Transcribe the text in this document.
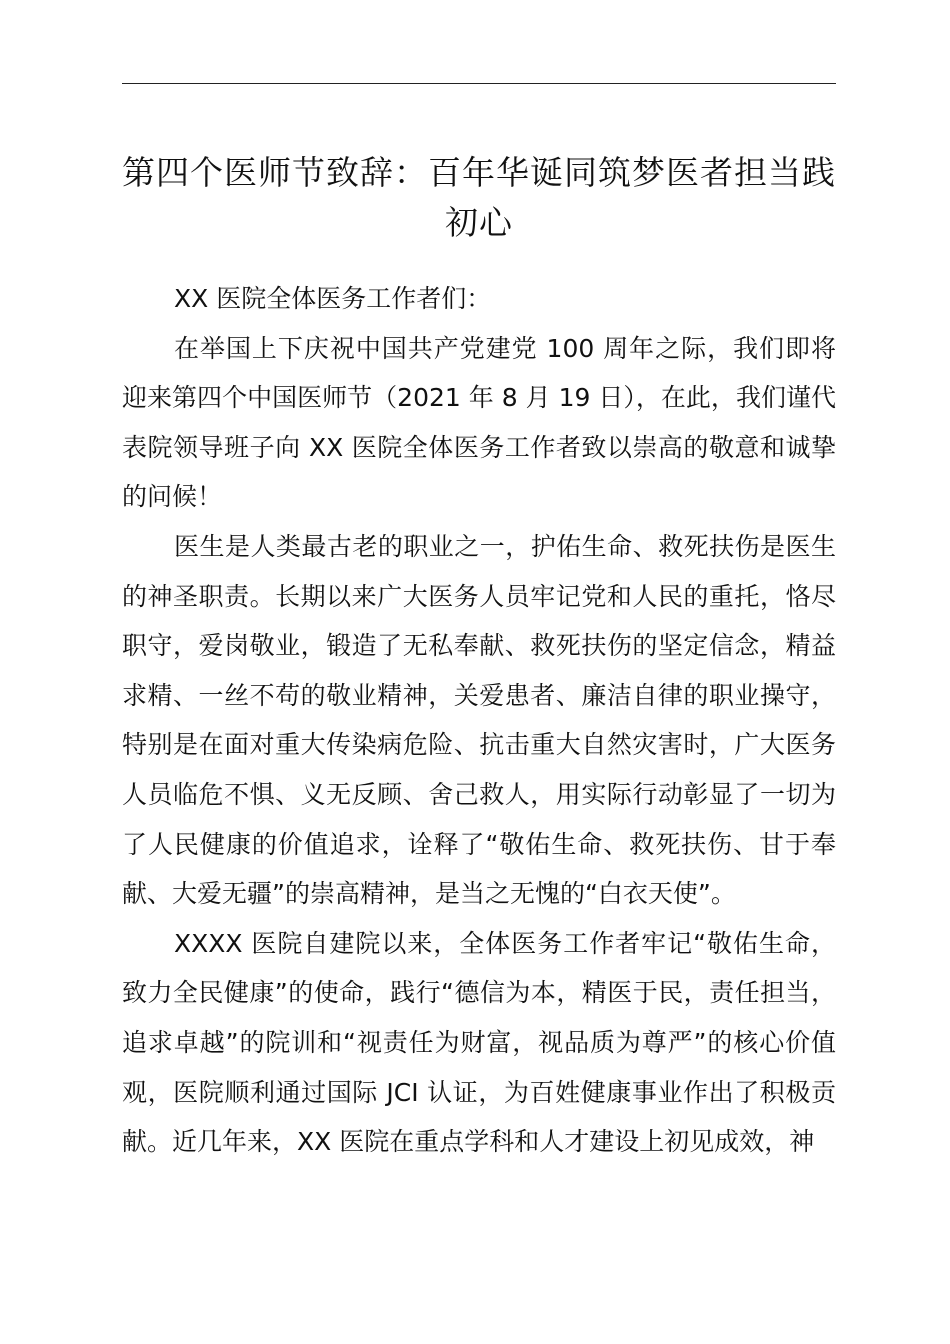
第四个医师节致辞：百年华诞同筑梦医者担当践初心

XX 医院全体医务工作者们：

在举国上下庆祝中国共产党建党 100 周年之际，我们即将迎来第四个中国医师节（2021 年 8 月 19 日），在此，我们谨代表院领导班子向 XX 医院全体医务工作者致以崇高的敬意和诚挚的问候！

医生是人类最古老的职业之一，护佑生命、救死扶伤是医生的神圣职责。长期以来广大医务人员牢记党和人民的重托，恪尽职守，爱岗敬业，锻造了无私奉献、救死扶伤的坚定信念，精益求精、一丝不苟的敬业精神，关爱患者、廉洁自律的职业操守，特别是在面对重大传染病危险、抗击重大自然灾害时，广大医务人员临危不惧、义无反顾、舍己救人，用实际行动彰显了一切为了人民健康的价值追求，诠释了“敬佑生命、救死扶伤、甘于奉献、大爱无疆”的崇高精神，是当之无愧的“白衣天使”。

XXXX 医院自建院以来，全体医务工作者牢记“敬佑生命，致力全民健康”的使命，践行“德信为本，精医于民，责任担当，追求卓越”的院训和“视责任为财富，视品质为尊严”的核心价值观，医院顺利通过国际 JCI 认证，为百姓健康事业作出了积极贡献。近几年来，XX 医院在重点学科和人才建设上初见成效，神
